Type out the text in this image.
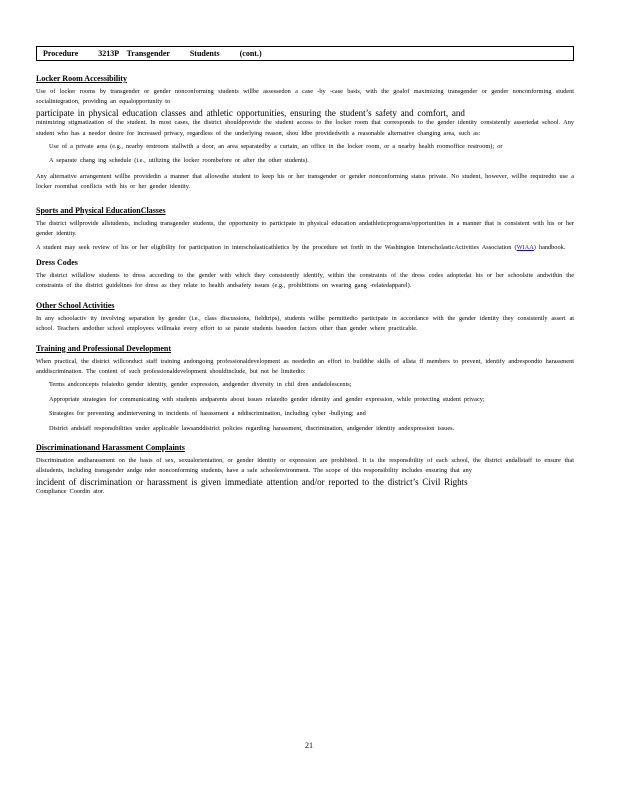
Procedure	3213P Transgender	Students	(cont.)

Locker Room Accessibility

Use of locker rooms by transgender or gender nonconforming students willbe assessedon a case -by -case basis, with the goalof maximizing transgender or gender nonconforming student socialintegration, providing an equalopportunity to

participate in physical education classes and athletic opportunities, ensuring the student’s safety and comfort, and

minimizing stigmatization of the student. In most cases, the district shouldprovide the student access to the locker room that corresponds to the gender identity consistently assertedat school. Any student who has a needor desire for increased privacy, regardless of the underlying reason, shou ldbe providedwith a reasonable alternative changing area, such as:

Use of a private area (e.g., nearby restroom stallwith a door, an area separatedby a curtain, an office in the locker room, or a nearby health roomoffice restroom); or
A separate chang ing schedule (i.e., utilizing the locker roombefore or after the other students).

Any alternative arrangement willbe providedin a manner that allowsthe student to keep his or her transgender or gender nonconforming status private. No student, however, willbe requiredto use a locker roomthat conflicts with his or her gender identity.

Sports and Physical EducationClasses

The district willprovide allstudents, including transgender students, the opportunity to participate in physical education andathleticprograms/opportunities in a manner that is consistent with his or her gender identity.

A student may seek review of his or her eligibility for participation in interscholasticathletics by the procedure set forth in the Washington InterscholasticActivities Association (WIAA) handbook.

Dress Codes

The district willallow students to dress according to the gender with which they consistently identify, within the constraints of the dress codes adoptedat his or her schoolsite andwithin the constraints of the district guidelines for dress as they relate to health andsafety issues (e.g., prohibitions on wearing gang -relatedapparel).

Other School Activities

In any schoolactiv ity involving separation by gender (i.e., class discussions, fieldtrips), students willbe permittedto participate in accordance with the gender identity they consistently assert at school. Teachers andother school employees willmake every effort to se parate students basedon factors other than gender where practicable.

Training and Professional Development

When practical, the district willconduct staff training andongoing professionaldevelopment as neededin an effort to buildthe skills of allsta ff members to prevent, identify andrespondto harassment anddiscrimination. The content of such professionaldevelopment shouldinclude, but not be limitedto:

Terms andconcepts relatedto gender identity, gender expression, andgender diversity in chil dren andadolescents;
Appropriate strategies for communicating with students andparents about issues relatedto gender identity and gender expression, while protecting student privacy;
Strategies for preventing andintervening in incidents of harassment a nddiscrimination, including cyber -bullying; and
District andstaff responsibilities under applicable lawsanddistrict policies regarding harassment, discrimination, andgender identity andexpression issues.

Discriminationand Harassment Complaints

Discrimination andharassment on the basis of sex, sexualorientation, or gender identity or expression are prohibited. It is the responsibility of each school, the district andallstaff to ensure that allstudents, including transgender andge nder nonconforming students, have a safe schoolenvironment. The scope of this responsibility includes ensuring that any

incident of discrimination or harassment is given immediate attention and/or reported to the district’s Civil Rights

Compliance Coordin ator.

21
